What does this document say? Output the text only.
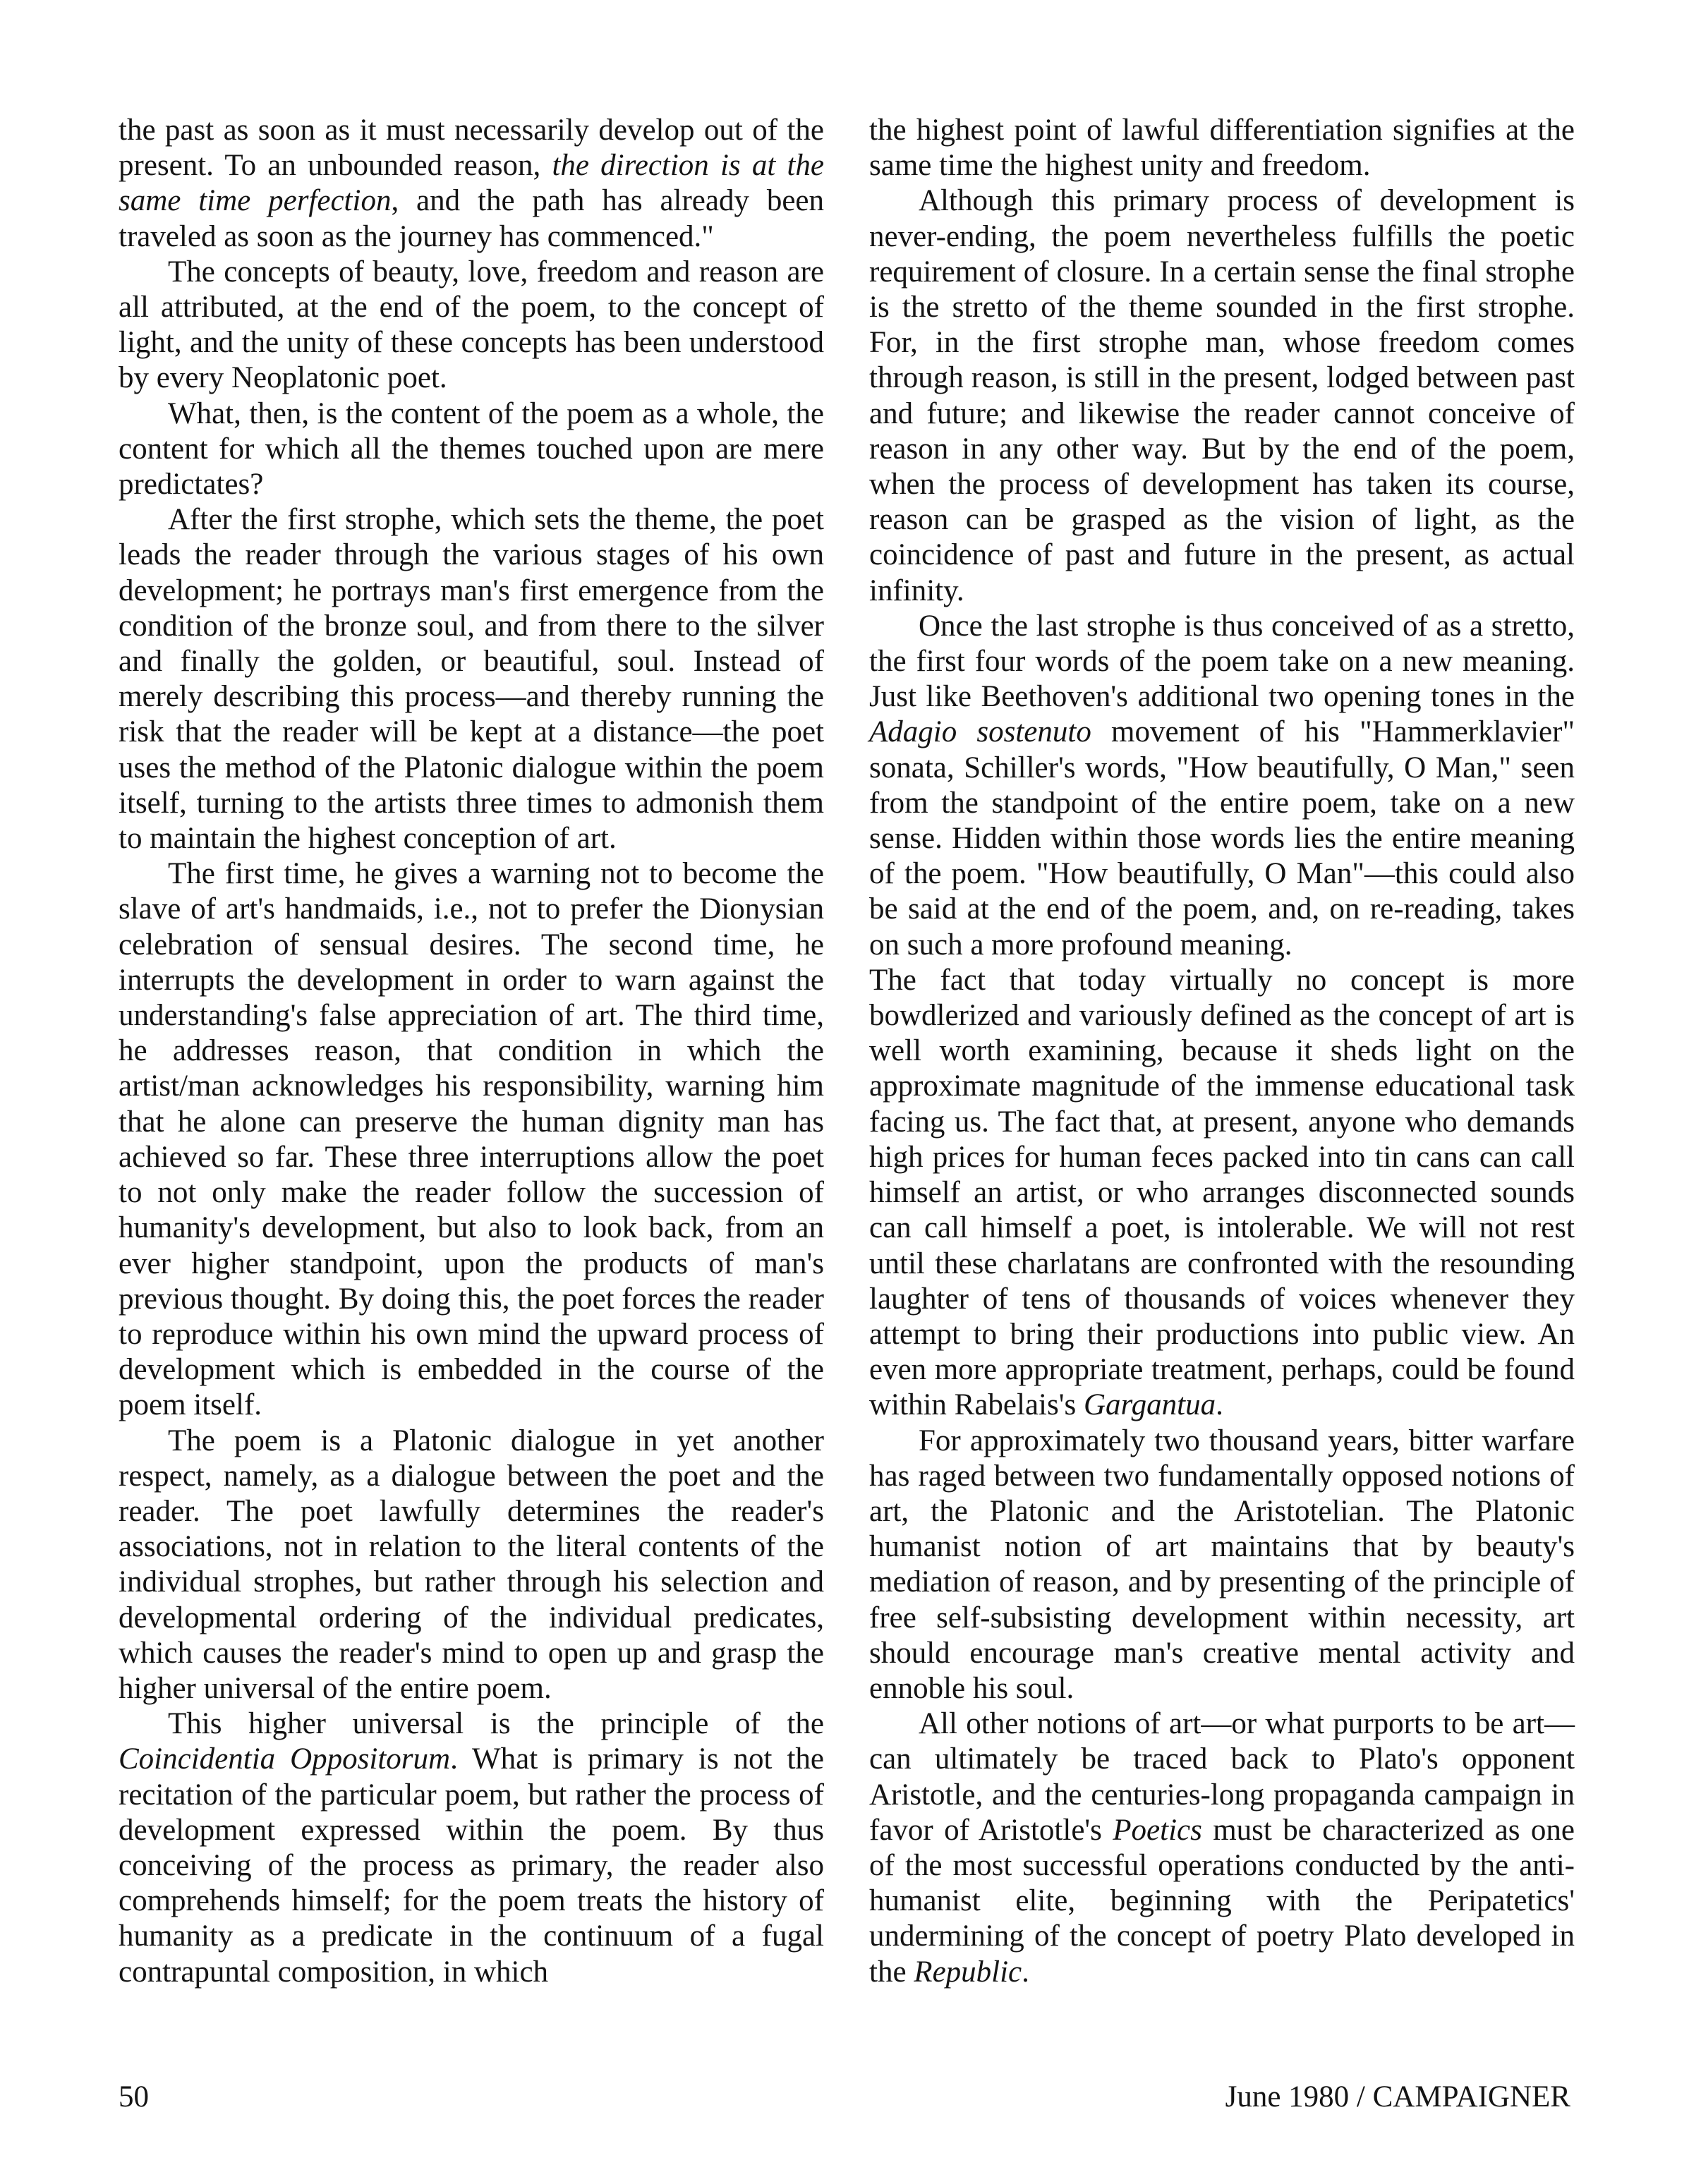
the past as soon as it must necessarily develop out of the present. To an unbounded reason, the direction is at the same time perfection, and the path has already been traveled as soon as the journey has commenced."

The concepts of beauty, love, freedom and reason are all attributed, at the end of the poem, to the concept of light, and the unity of these concepts has been understood by every Neoplatonic poet.

What, then, is the content of the poem as a whole, the content for which all the themes touched upon are mere predictates?

After the first strophe, which sets the theme, the poet leads the reader through the various stages of his own development; he portrays man's first emergence from the condition of the bronze soul, and from there to the silver and finally the golden, or beautiful, soul. Instead of merely describing this process—and thereby running the risk that the reader will be kept at a distance—the poet uses the method of the Platonic dialogue within the poem itself, turning to the artists three times to admonish them to maintain the highest conception of art.

The first time, he gives a warning not to become the slave of art's handmaids, i.e., not to prefer the Dionysian celebration of sensual desires. The second time, he interrupts the development in order to warn against the understanding's false appreciation of art. The third time, he addresses reason, that condition in which the artist/man acknowledges his responsibility, warning him that he alone can preserve the human dignity man has achieved so far. These three interruptions allow the poet to not only make the reader follow the succession of humanity's development, but also to look back, from an ever higher standpoint, upon the products of man's previous thought. By doing this, the poet forces the reader to reproduce within his own mind the upward process of development which is embedded in the course of the poem itself.

The poem is a Platonic dialogue in yet another respect, namely, as a dialogue between the poet and the reader. The poet lawfully determines the reader's associations, not in relation to the literal contents of the individual strophes, but rather through his selection and developmental ordering of the individual predicates, which causes the reader's mind to open up and grasp the higher universal of the entire poem.

This higher universal is the principle of the Coincidentia Oppositorum. What is primary is not the recitation of the particular poem, but rather the process of development expressed within the poem. By thus conceiving of the process as primary, the reader also comprehends himself; for the poem treats the history of humanity as a predicate in the continuum of a fugal contrapuntal composition, in which

the highest point of lawful differentiation signifies at the same time the highest unity and freedom.

Although this primary process of development is never-ending, the poem nevertheless fulfills the poetic requirement of closure. In a certain sense the final strophe is the stretto of the theme sounded in the first strophe. For, in the first strophe man, whose freedom comes through reason, is still in the present, lodged between past and future; and likewise the reader cannot conceive of reason in any other way. But by the end of the poem, when the process of development has taken its course, reason can be grasped as the vision of light, as the coincidence of past and future in the present, as actual infinity.

Once the last strophe is thus conceived of as a stretto, the first four words of the poem take on a new meaning. Just like Beethoven's additional two opening tones in the Adagio sostenuto movement of his "Hammerklavier" sonata, Schiller's words, "How beautifully, O Man," seen from the standpoint of the entire poem, take on a new sense. Hidden within those words lies the entire meaning of the poem. "How beautifully, O Man"—this could also be said at the end of the poem, and, on re-reading, takes on such a more profound meaning.

The fact that today virtually no concept is more bowdlerized and variously defined as the concept of art is well worth examining, because it sheds light on the approximate magnitude of the immense educational task facing us. The fact that, at present, anyone who demands high prices for human feces packed into tin cans can call himself an artist, or who arranges disconnected sounds can call himself a poet, is intolerable. We will not rest until these charlatans are confronted with the resounding laughter of tens of thousands of voices whenever they attempt to bring their productions into public view. An even more appropriate treatment, perhaps, could be found within Rabelais's Gargantua.

For approximately two thousand years, bitter warfare has raged between two fundamentally opposed notions of art, the Platonic and the Aristotelian. The Platonic humanist notion of art maintains that by beauty's mediation of reason, and by presenting of the principle of free self-subsisting development within necessity, art should encourage man's creative mental activity and ennoble his soul.

All other notions of art—or what purports to be art—can ultimately be traced back to Plato's opponent Aristotle, and the centuries-long propaganda campaign in favor of Aristotle's Poetics must be characterized as one of the most successful operations conducted by the anti-humanist elite, beginning with the Peripatetics' undermining of the concept of poetry Plato developed in the Republic.

50	June 1980 / CAMPAIGNER
